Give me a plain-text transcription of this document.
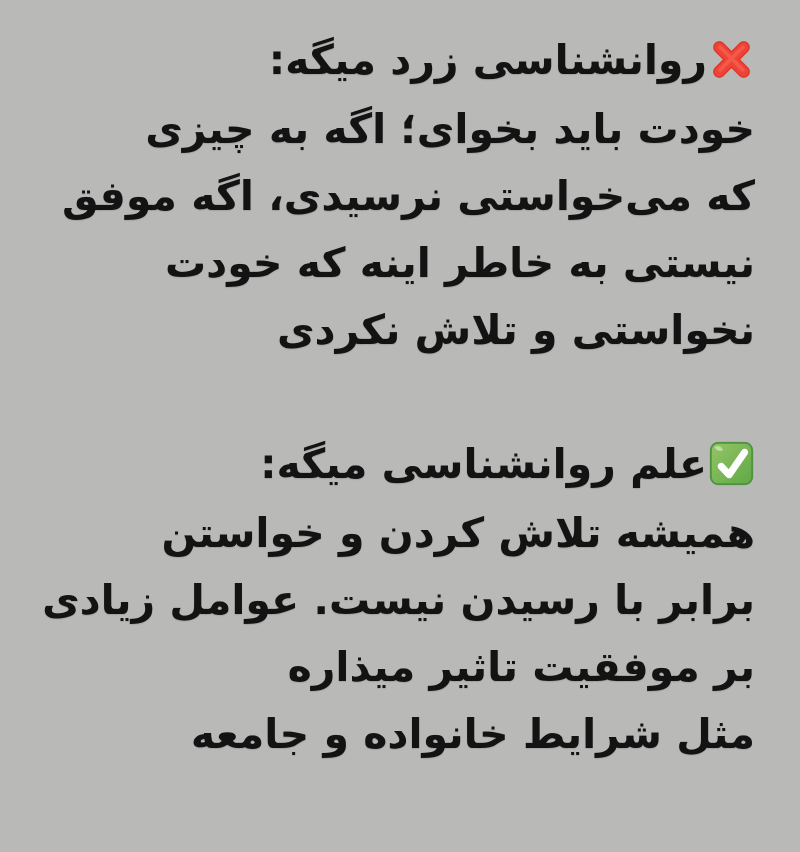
روانشناسی زرد میگه:
خودت باید بخوای؛ اگه به چیزی
که می‌خواستی نرسیدی، اگه موفق
نیستی به خاطر اینه که خودت
نخواستی و تلاش نکردی
علم روانشناسی میگه:
همیشه تلاش کردن و خواستن
برابر با رسیدن نیست. عوامل زیادی
بر موفقیت تاثیر میذاره
مثل شرایط خانواده و جامعه
